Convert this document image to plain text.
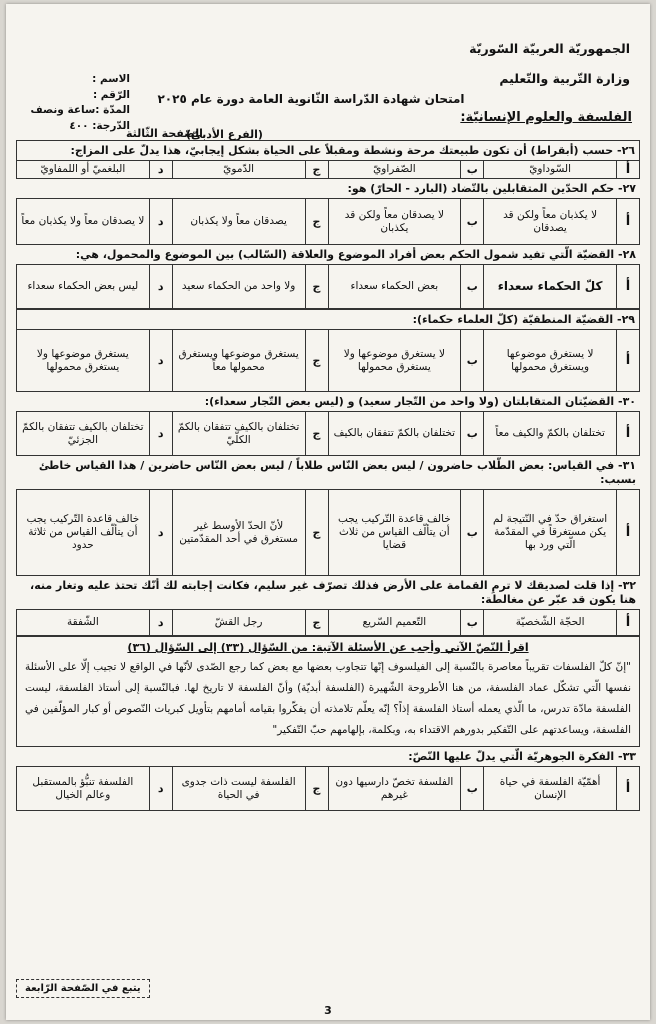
الجمهوريّة العربيّة السّوريّة
وزارة التّربية والتّعليم
الاسم :
الرّقم :
المدّة :ساعة ونصف
الدّرجة: ٤٠٠
امتحان شهادة الدّراسة الثّانوية العامة دورة عام ٢٠٢٥
الفلسفة والعلوم الإنسانيّة:
(الفرع الأدبيّ)
الصّفحة الثّالثة
٢٦- حسب (أبقراط) أن تكون طبيعتك مرحة ونشطة ومقبلاً على الحياة بشكل إيجابيّ، هذا يدلّ على المزاج:
أ	السّوداويّ	ب	الصّفراويّ	ج	الدّمويّ	د	البلغميّ أو اللمفاويّ
٢٧- حكم الحدّين المتقابلين بالتّضاد (البارد - الحارّ) هو:
أ	لا يكذبان معاً ولكن قد يصدقان	ب	لا يصدقان معاً ولكن قد يكذبان	ج	يصدقان معاً ولا يكذبان	د	لا يصدقان معاً ولا يكذبان معاً
٢٨- القضيّة الّتي تفيد شمول الحكم بعض أفراد الموضوع والعلاقة (السّالب) بين الموضوع والمحمول، هي:
أ	كلّ الحكماء سعداء	ب	بعض الحكماء سعداء	ج	ولا واحد من الحكماء سعيد	د	ليس بعض الحكماء سعداء
٢٩- القضيّة المنطقيّة (كلّ العلماء حكماء):
أ	لا يستغرق موضوعها ويستغرق محمولها	ب	لا يستغرق موضوعها ولا يستغرق محمولها	ج	يستغرق موضوعها ويستغرق محمولها معاً	د	يستغرق موضوعها ولا يستغرق محمولها
٣٠- القضيّتان المتقابلتان (ولا واحد من التّجار سعيد) و (ليس بعض التّجار سعداء):
أ	تختلفان بالكمّ والكيف معاً	ب	تختلفان بالكمّ تتفقان بالكيف	ج	تختلفان بالكيف تتفقان بالكمّ الكلّيّ	د	تختلفان بالكيف تتفقان بالكمّ الجزئيّ
٣١- في القياس: بعض الطّلاب حاضرون / ليس بعض النّاس طلاباً / ليس بعض النّاس حاضرين / هذا القياس خاطئ بسبب:
أ	استغراق حدّ في النّتيجة لم يكن مستغرقاً في المقدّمة الّتي ورد بها	ب	خالف قاعدة التّركيب يجب أن يتألّف القياس من ثلاث قضايا	ج	لأنّ الحدّ الأوسط غير مستغرق في أحد المقدّمتين	د	خالف قاعدة التّركيب يجب أن يتألّف القياس من ثلاثة حدود
٣٢- إذا قلت لصديقك لا ترمِ القمامة على الأرض فذلك تصرّف غير سليم، فكانت إجابته لك أنّك تحتذ عليه وتغار منه، هنا يكون قد عبّر عن مغالطة:
أ	الحجّة الشّخصيّة	ب	التّعميم السّريع	ج	رجل القشّ	د	الشّفقة
اقرأ النّصّ الآتي وأجب عن الأسئلة الآتية: من السّؤال (٣٣) إلى السّؤال (٣٦)
"إنّ كلّ الفلسفات تقريباً معاصرة بالنّسبة إلى الفيلسوف إنّها تتجاوب بعضها مع بعض كما رجع الصّدى لأنّها في الواقع لا تجيب إلّا على الأسئلة نفسها الّتي تشكّل عماد الفلسفة، من هنا الأطروحة الشّهيرة (الفلسفة أبديّة) وأنّ الفلسفة لا تاريخ لها. فبالنّسبة إلى أستاذ الفلسفة، ليست الفلسفة مادّة تدرس، ما الّذي يعمله أستاذ الفلسفة إذاً؟ إنّه يعلّم تلامذته أن يفكّروا بقيامه أمامهم بتأويل كبريات النّصوص أو كبار المؤلّفين في الفلسفة، ويساعدتهم على التّفكير بدورهم الاقتداء به، وبكلمة، بإلهامهم حبّ التّفكير"
٣٣- الفكرة الجوهريّة الّتي يدلّ عليها النّصّ:
أ	أهمّيّة الفلسفة في حياة الإنسان	ب	الفلسفة تخصّ دارسيها دون غيرهم	ج	الفلسفة ليست ذات جدوى في الحياة	د	الفلسفة تنبُّؤ بالمستقبل وعالم الخيال
يتبع في الصّفحة الرّابعة
3
